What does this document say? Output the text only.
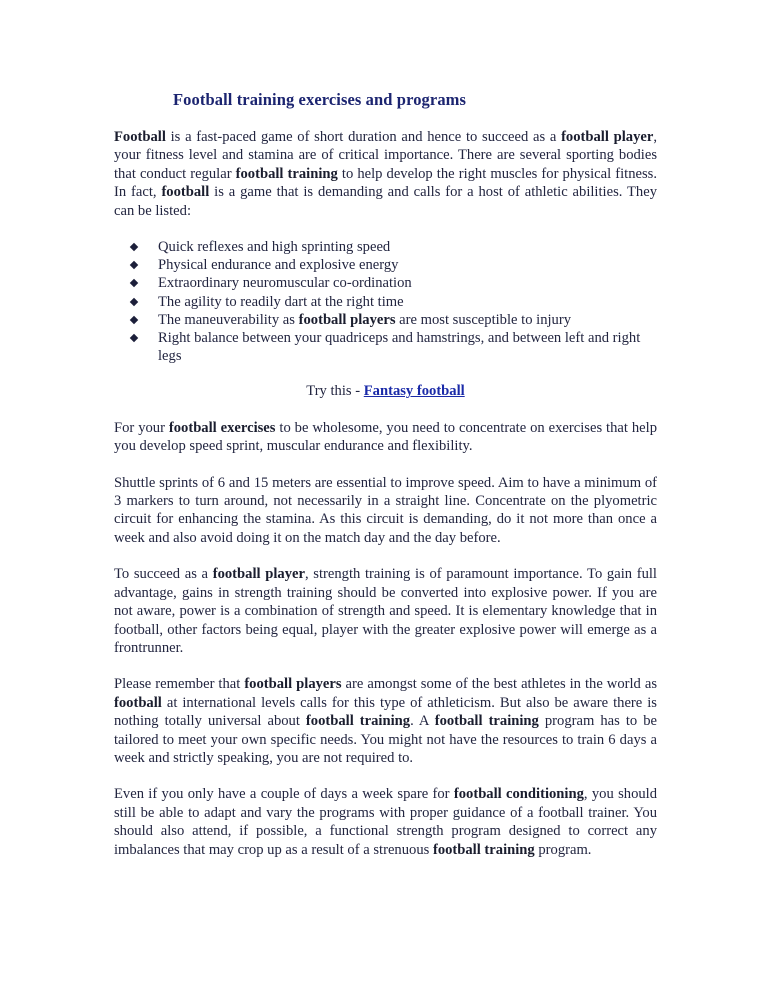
Football training exercises and programs

Football is a fast-paced game of short duration and hence to succeed as a football player, your fitness level and stamina are of critical importance. There are several sporting bodies that conduct regular football training to help develop the right muscles for physical fitness. In fact, football is a game that is demanding and calls for a host of athletic abilities. They can be listed:

Quick reflexes and high sprinting speed
Physical endurance and explosive energy
Extraordinary neuromuscular co-ordination
The agility to readily dart at the right time
The maneuverability as football players are most susceptible to injury
Right balance between your quadriceps and hamstrings, and between left and right legs
Try this - Fantasy football

For your football exercises to be wholesome, you need to concentrate on exercises that help you develop speed sprint, muscular endurance and flexibility.

Shuttle sprints of 6 and 15 meters are essential to improve speed. Aim to have a minimum of 3 markers to turn around, not necessarily in a straight line. Concentrate on the plyometric circuit for enhancing the stamina. As this circuit is demanding, do it not more than once a week and also avoid doing it on the match day and the day before.

To succeed as a football player, strength training is of paramount importance. To gain full advantage, gains in strength training should be converted into explosive power. If you are not aware, power is a combination of strength and speed. It is elementary knowledge that in football, other factors being equal, player with the greater explosive power will emerge as a frontrunner.

Please remember that football players are amongst some of the best athletes in the world as football at international levels calls for this type of athleticism. But also be aware there is nothing totally universal about football training. A football training program has to be tailored to meet your own specific needs. You might not have the resources to train 6 days a week and strictly speaking, you are not required to.

Even if you only have a couple of days a week spare for football conditioning, you should still be able to adapt and vary the programs with proper guidance of a football trainer. You should also attend, if possible, a functional strength program designed to correct any imbalances that may crop up as a result of a strenuous football training program.
